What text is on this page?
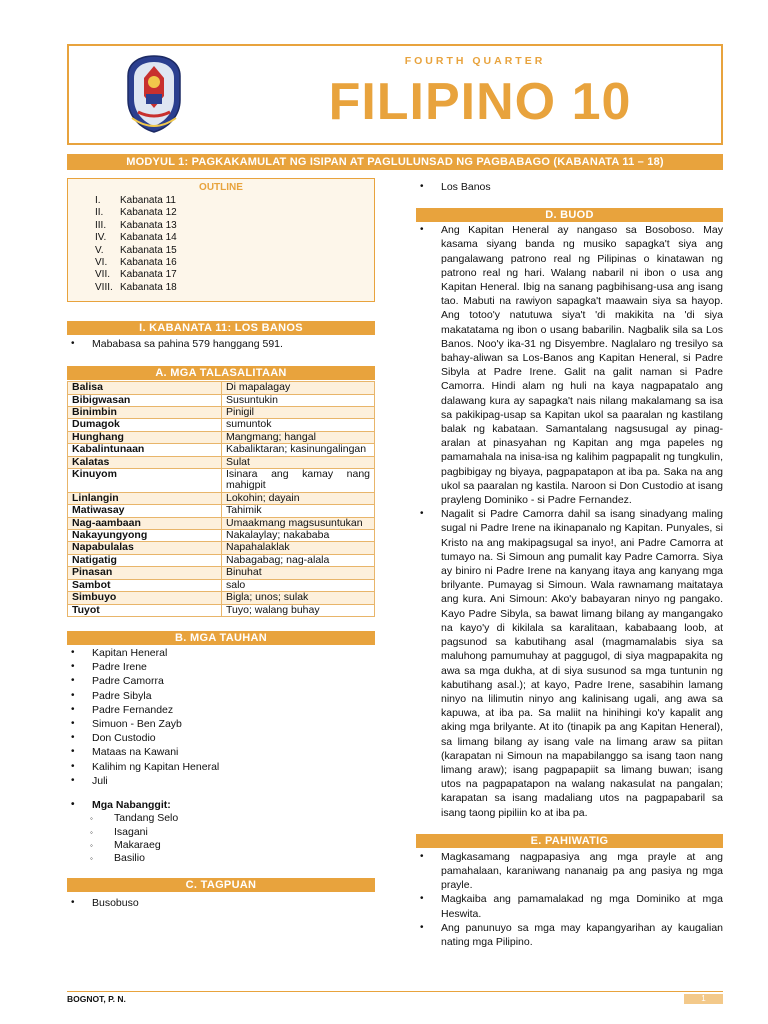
FOURTH QUARTER
FILIPINO 10
MODYUL 1: PAGKAKAMULAT NG ISIPAN AT PAGLULUNSAD NG PAGBABAGO (KABANATA 11 – 18)
OUTLINE
I.	Kabanata 11
II.	Kabanata 12
III.	Kabanata 13
IV.	Kabanata 14
V.	Kabanata 15
VI.	Kabanata 16
VII. Kabanata 17
VIII. Kabanata 18
I. KABANATA 11: LOS BANOS
• Mababasa sa pahina 579 hanggang 591.
A. MGA TALASALITAAN
Balisa	Di mapalagay
Bibigwasan	Susuntukin
Binimbin	Pinigil
Dumagok	sumuntok
Hunghang	Mangmang; hangal
Kabalintunaan	Kabaliktaran; kasinungalingan
Kalatas	Sulat
Kinuyom	Isinara ang kamay nang mahigpit
Linlangin	Lokohin; dayain
Matiwasay	Tahimik
Nag-aambaan	Umaakmang magsusuntukan
Nakayungyong	Nakalaylay; nakababa
Napabulalas	Napahalaklak
Natigatig	Nabagabag; nag-alala
Pinasan	Binuhat
Sambot	salo
Simbuyo	Bigla; unos; sulak
Tuyot	Tuyo; walang buhay
B. MGA TAUHAN
• Kapitan Heneral
• Padre Irene
• Padre Camorra
• Padre Sibyla
• Padre Fernandez
• Simuon - Ben Zayb
• Don Custodio
• Mataas na Kawani
• Kalihim ng Kapitan Heneral
• Juli
• Mga Nabanggit:
◦ Tandang Selo
◦ Isagani
◦ Makaraeg
◦ Basilio
C. TAGPUAN
• Busobuso
• Los Banos
D. BUOD
• Ang Kapitan Heneral ay nangaso sa Bosoboso. May kasama siyang banda ng musiko sapagka't siya ang pangalawang patrono real ng Pilipinas o kinatawan ng patrono real ng hari. Walang nabaril ni ibon o usa ang Kapitan Heneral. Ibig na sanang pagbihisang-usa ang isang tao. Mabuti na rawiyon sapagka't maawain siya sa hayop. Ang totoo'y natutuwa siya't 'di makikita na 'di siya makatatama ng ibon o usang babarilin. Nagbalik sila sa Los Banos. Noo'y ika-31 ng Disyembre. Naglalaro ng tresilyo sa bahay-aliwan sa Los-Banos ang Kapitan Heneral, si Padre Sibyla at Padre Irene. Galit na galit naman si Padre Camorra. Hindi alam ng huli na kaya nagpapatalo ang dalawang kura ay sapagka't nais nilang makalamang sa isa sa pakikipag-usap sa Kapitan ukol sa paaralan ng kastilang balak ng kabataan. Samantalang nagsusugal ay pinag-aralan at pinasyahan ng Kapitan ang mga papeles ng pamamahala na inisa-isa ng kalihim pagpapalit ng tungkulin, pagbibigay ng biyaya, pagpapatapon at iba pa. Saka na ang ukol sa paaralan ng kastila. Naroon si Don Custodio at isang prayleng Dominiko - si Padre Fernandez.
• Nagalit si Padre Camorra dahil sa isang sinadyang maling sugal ni Padre Irene na ikinapanalo ng Kapitan. Punyales, si Kristo na ang makipagsugal sa inyo!, ani Padre Camorra at tumayo na. Si Simoun ang pumalit kay Padre Camorra. Siya ay biniro ni Padre Irene na kanyang itaya ang kanyang mga brilyante. Pumayag si Simoun. Wala rawnamang maitataya ang kura. Ani Simoun: Ako'y babayaran ninyo ng pangako. Kayo Padre Sibyla, sa bawat limang bilang ay mangangako na kayo'y di kikilala sa karalitaan, kababaang loob, at pagsunod sa kabutihang asal (magmamalabis siya sa maluhong pamumuhay at paggugol, di siya magpapakita ng awa sa mga dukha, at di siya susunod sa mga tuntunin ng kabutihang asal.); at kayo, Padre Irene, sasabihin lamang ninyo na lilimutin ninyo ang kalinisang ugali, ang awa sa kapuwa, at iba pa. Sa maliit na hinihingi ko'y kapalit ang aking mga brilyante. At ito (tinapik pa ang Kapitan Heneral), sa limang bilang ay isang vale na limang araw sa piitan (karapatan ni Simoun na mapabilanggo sa isang taon nang limang araw); isang pagpapapiit sa limang buwan; isang utos na pagpapatapon na walang nakasulat na pangalan; karapatan sa isang madaliang utos na pagpapabaril sa isang taong pipiliin ko at iba pa.
E. PAHIWATIG
• Magkasamang nagpapasiya ang mga prayle at ang pamahalaan, karaniwang nananaig pa ang pasiya ng mga prayle.
• Magkaiba ang pamamalakad ng mga Dominiko at mga Heswita.
• Ang panunuyo sa mga may kapangyarihan ay kaugalian nating mga Pilipino.
BOGNOT, P. N.	1
